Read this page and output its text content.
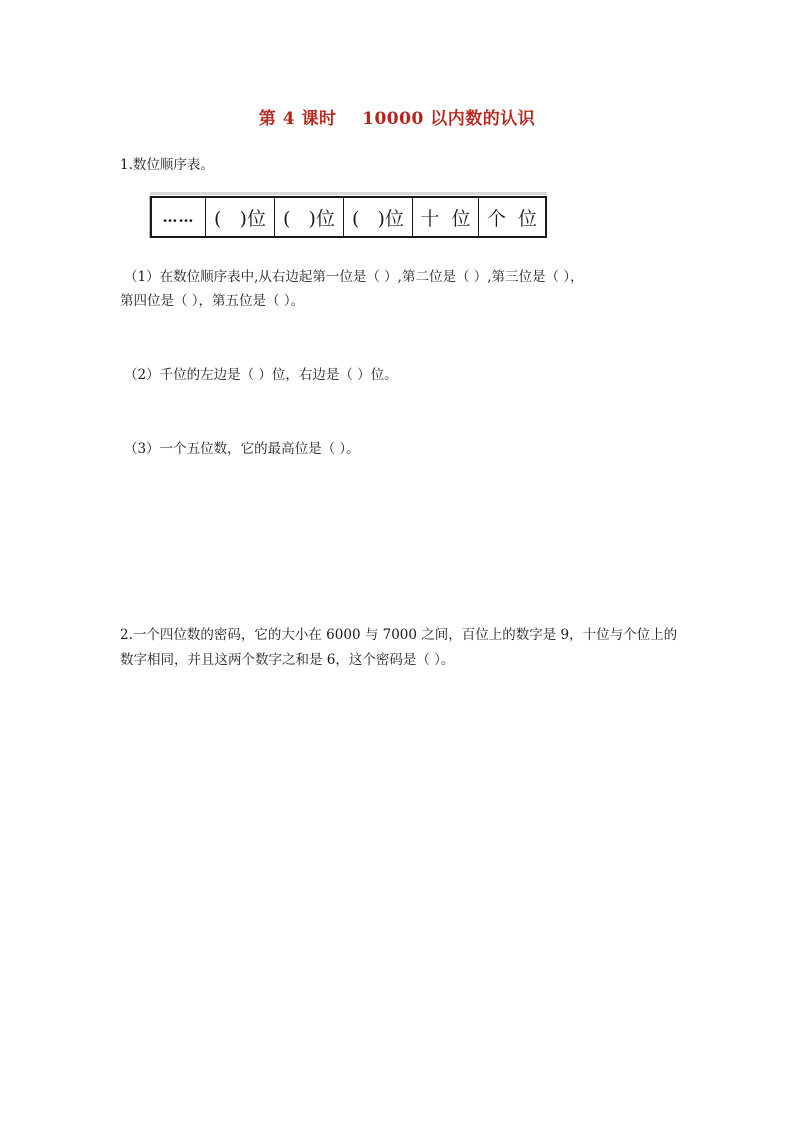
第 4 课时    10000 以内数的认识
1.数位顺序表。
……	(   )位 (   )位 (   )位 十  位 个  位
（1）在数位顺序表中,从右边起第一位是（ ）,第二位是（ ）,第三位是（ ），
第四位是（ ），第五位是（ ）。
（2）千位的左边是（ ）位，右边是（ ）位。
（3）一个五位数，它的最高位是（ ）。
2.一个四位数的密码，它的大小在 6000 与 7000 之间，百位上的数字是 9，十位与个位上的
数字相同，并且这两个数字之和是 6，这个密码是（ ）。
